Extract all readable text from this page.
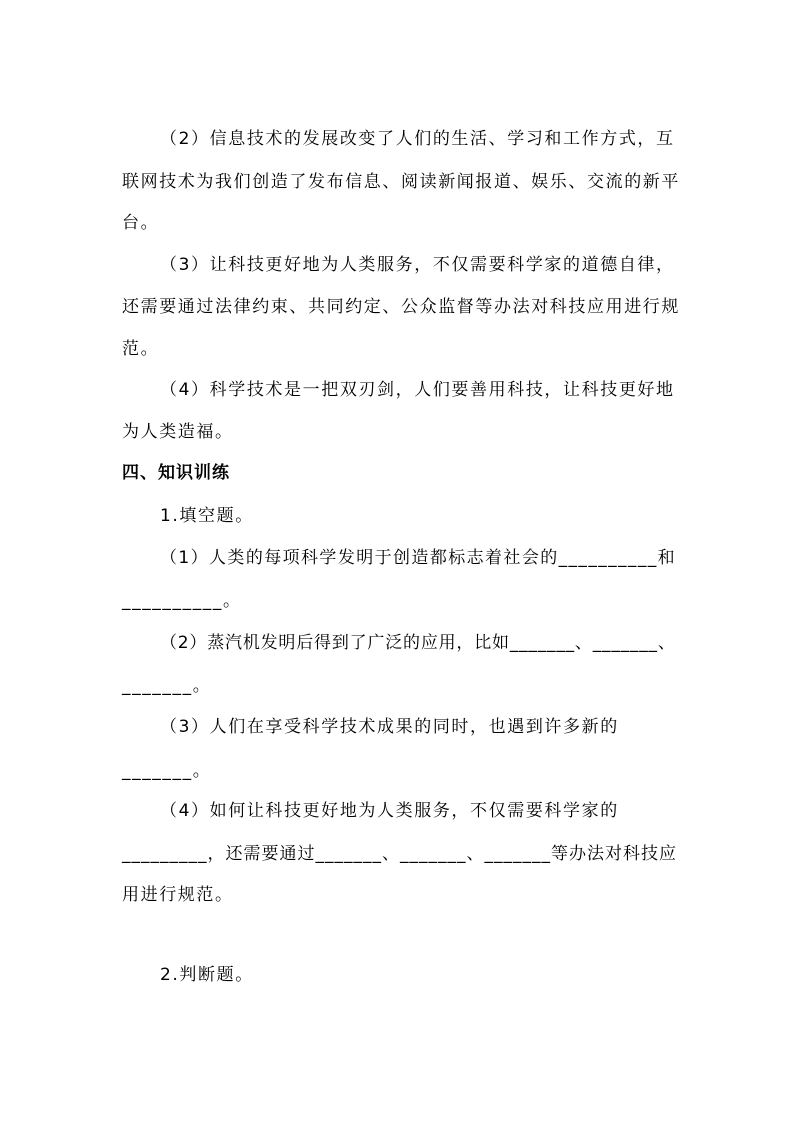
（2）信息技术的发展改变了人们的生活、学习和工作方式，互
联网技术为我们创造了发布信息、阅读新闻报道、娱乐、交流的新平
台。
（3）让科技更好地为人类服务，不仅需要科学家的道德自律，
还需要通过法律约束、共同约定、公众监督等办法对科技应用进行规
范。
（4）科学技术是一把双刃剑，人们要善用科技，让科技更好地
为人类造福。
四、知识训练
1.填空题。
（1）人类的每项科学发明于创造都标志着社会的__________和
__________。
（2）蒸汽机发明后得到了广泛的应用，比如_______、_______、
_______。
（3）人们在享受科学技术成果的同时，也遇到许多新的
_______。
（4）如何让科技更好地为人类服务，不仅需要科学家的
_________，还需要通过_______、_______、_______等办法对科技应
用进行规范。
2.判断题。
